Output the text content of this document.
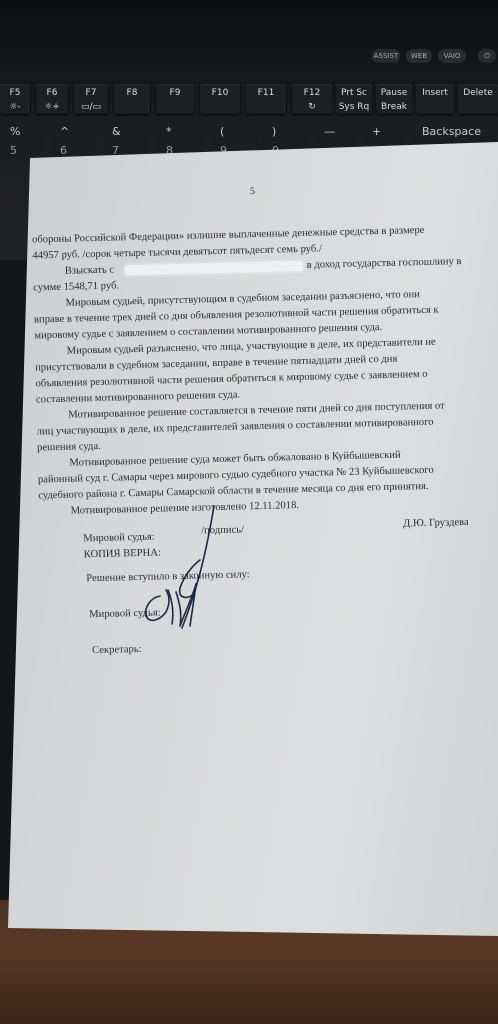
ASSIST	WEB	VAIO	⏻
F5
☼-
F6
☼+
F7
▭/▭
F8	F9	F10	F11	F12
↻
Prt Sc
Sys Rq
Pause
Break
Insert	Delete
%
5
^
6
&
7
*
8
(
9
)	—	+	Backspace
5
обороны Российской Федерации» излишне выплаченные денежные средства в размере
44957 руб. /сорок четыре тысячи девятьсот пятьдесят семь руб./
Взыскать с	в доход государства госпошлину в
сумме 1548,71 руб.
Мировым судьей, присутствующим в судебном заседании разъяснено, что они
вправе в течение трех дней со дня объявления резолютивной части решения обратиться к
мировому судье с заявлением о составлении мотивированного решения суда.
Мировым судьей разъяснено, что лица, участвующие в деле, их представители не
присутствовали в судебном заседании, вправе в течение пятнадцати дней со дня
объявления резолютивной части решения обратиться к мировому судье с заявлением о
составлении мотивированного решения суда.
Мотивированное решение составляется в течение пяти дней со дня поступления от
лиц участвующих в деле, их представителей заявления о составлении мотивированного
решения суда.
Мотивированное решение суда может быть обжаловано в Куйбышевский
районный суд г. Самары через мирового судью судебного участка № 23 Куйбышевского
судебного района г. Самары Самарской области в течение месяца со дня его принятия.
Мотивированное решение изготовлено 12.11.2018.
Мировой судья:
/подпись/
Д.Ю. Груздева
КОПИЯ ВЕРНА:
Решение вступило в законную силу:
Мировой судья:
Секретарь:
